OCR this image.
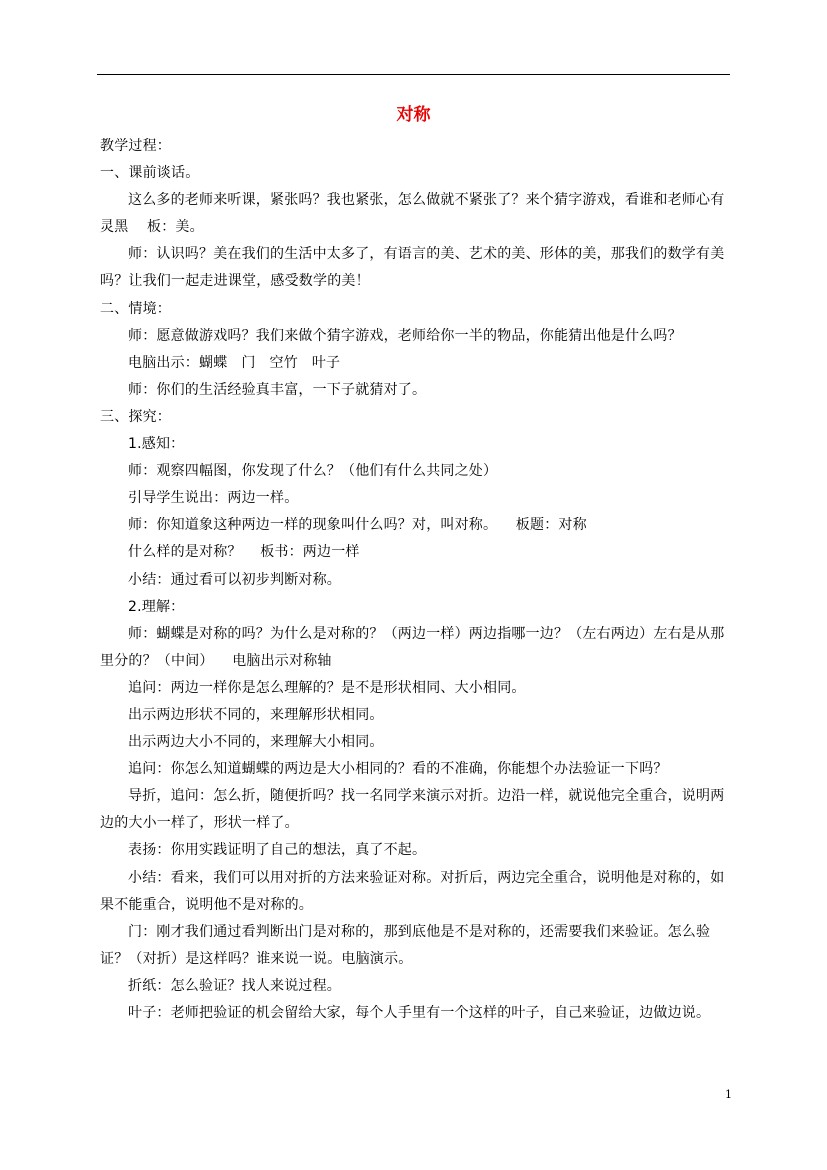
对称

教学过程：

一、课前谈话。

这么多的老师来听课，紧张吗？我也紧张，怎么做就不紧张了？来个猜字游戏，看谁和老师心有灵黑    板：美。

师：认识吗？美在我们的生活中太多了，有语言的美、艺术的美、形体的美，那我们的数学有美吗？让我们一起走进课堂，感受数学的美！

二、情境：

师：愿意做游戏吗？我们来做个猜字游戏，老师给你一半的物品，你能猜出他是什么吗？

电脑出示：蝴蝶   门   空竹   叶子

师：你们的生活经验真丰富，一下子就猜对了。

三、探究：

1.感知：

师：观察四幅图，你发现了什么？（他们有什么共同之处）

引导学生说出：两边一样。

师：你知道象这种两边一样的现象叫什么吗？对，叫对称。    板题：对称

什么样的是对称？    板书：两边一样

小结：通过看可以初步判断对称。

2.理解：

师：蝴蝶是对称的吗？为什么是对称的？（两边一样）两边指哪一边？（左右两边）左右是从那里分的？（中间）    电脑出示对称轴

追问：两边一样你是怎么理解的？是不是形状相同、大小相同。

出示两边形状不同的，来理解形状相同。

出示两边大小不同的，来理解大小相同。

追问：你怎么知道蝴蝶的两边是大小相同的？看的不准确，你能想个办法验证一下吗？

导折，追问：怎么折，随便折吗？找一名同学来演示对折。边沿一样，就说他完全重合，说明两边的大小一样了，形状一样了。

表扬：你用实践证明了自己的想法，真了不起。

小结：看来，我们可以用对折的方法来验证对称。对折后，两边完全重合，说明他是对称的，如果不能重合，说明他不是对称的。

门：刚才我们通过看判断出门是对称的，那到底他是不是对称的，还需要我们来验证。怎么验证？（对折）是这样吗？谁来说一说。电脑演示。

折纸：怎么验证？找人来说过程。

叶子：老师把验证的机会留给大家，每个人手里有一个这样的叶子，自己来验证，边做边说。

1
